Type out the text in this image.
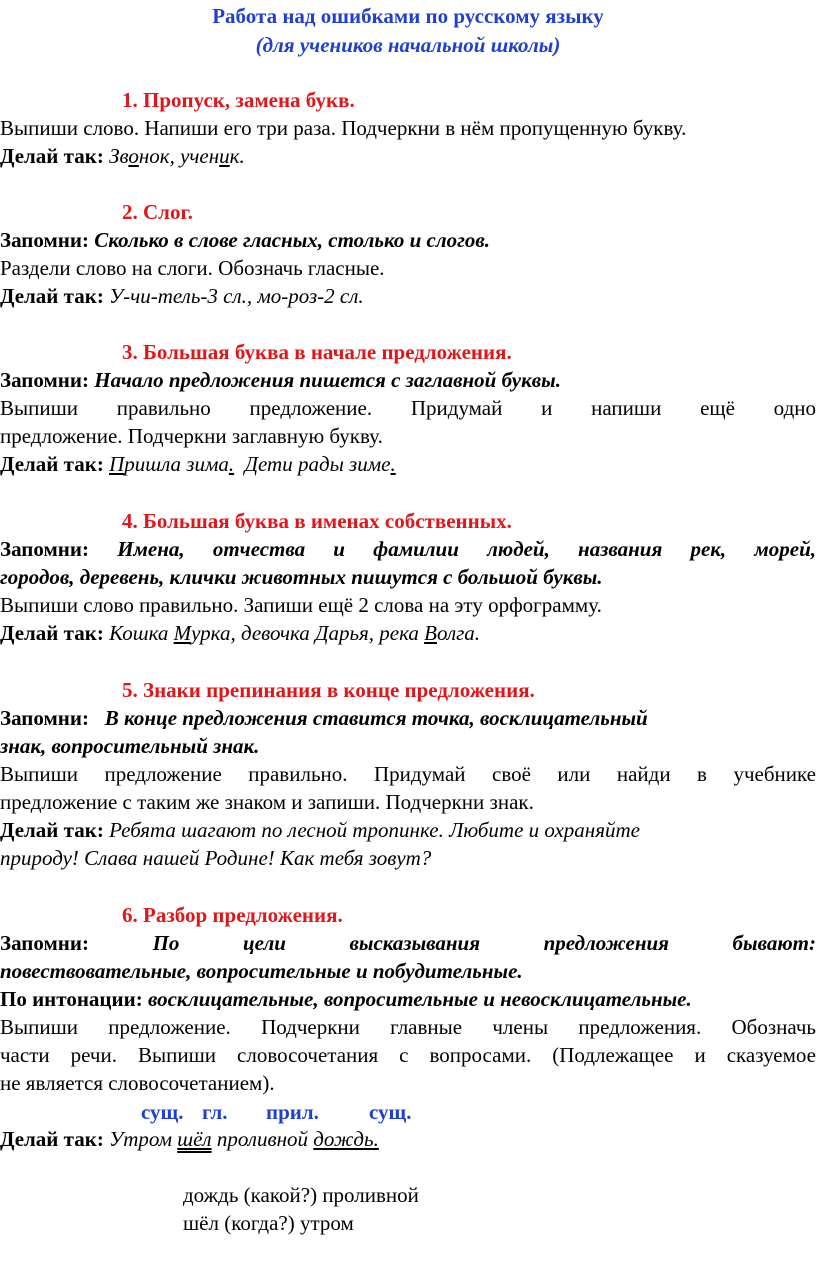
Работа над ошибками по русскому языку
(для учеников начальной школы)
1. Пропуск, замена букв.
Выпиши слово. Напиши его три раза. Подчеркни в нём пропущенную букву.
Делай так: Звонок, ученик.
2. Слог.
Запомни: Сколько в слове гласных, столько и слогов.
Раздели слово на слоги. Обозначь гласные.
Делай так: У-чи-тель-3 сл., мо-роз-2 сл.
3. Большая буква в начале предложения.
Запомни: Начало предложения пишется с заглавной буквы.
Выпиши правильно предложение. Придумай и напиши ещё одно
предложение. Подчеркни заглавную букву.
Делай так: Пришла зима. Дети рады зиме.
4. Большая буква в именах собственных.
Запомни: Имена, отчества и фамилии людей, названия рек, морей,
городов, деревень, клички животных пишутся с большой буквы.
Выпиши слово правильно. Запиши ещё 2 слова на эту орфограмму.
Делай так: Кошка Мурка, девочка Дарья, река Волга.
5. Знаки препинания в конце предложения.
Запомни: В конце предложения ставится точка, восклицательный
знак, вопросительный знак.
Выпиши предложение правильно. Придумай своё или найди в учебнике
предложение с таким же знаком и запиши. Подчеркни знак.
Делай так: Ребята шагают по лесной тропинке. Любите и охраняйте
природу! Слава нашей Родине! Как тебя зовут?
6. Разбор предложения.
Запомни:	По цели высказывания предложения бывают:
повествовательные, вопросительные и побудительные.
По интонации: восклицательные, вопросительные и невосклицательные.
Выпиши предложение. Подчеркни главные члены предложения. Обозначь
части речи. Выпиши словосочетания с вопросами. (Подлежащее и сказуемое
не является словосочетанием).
сущ. гл. прил. сущ.
Делай так: Утром шёл проливной дождь.
дождь (какой?) проливной
шёл (когда?) утром
